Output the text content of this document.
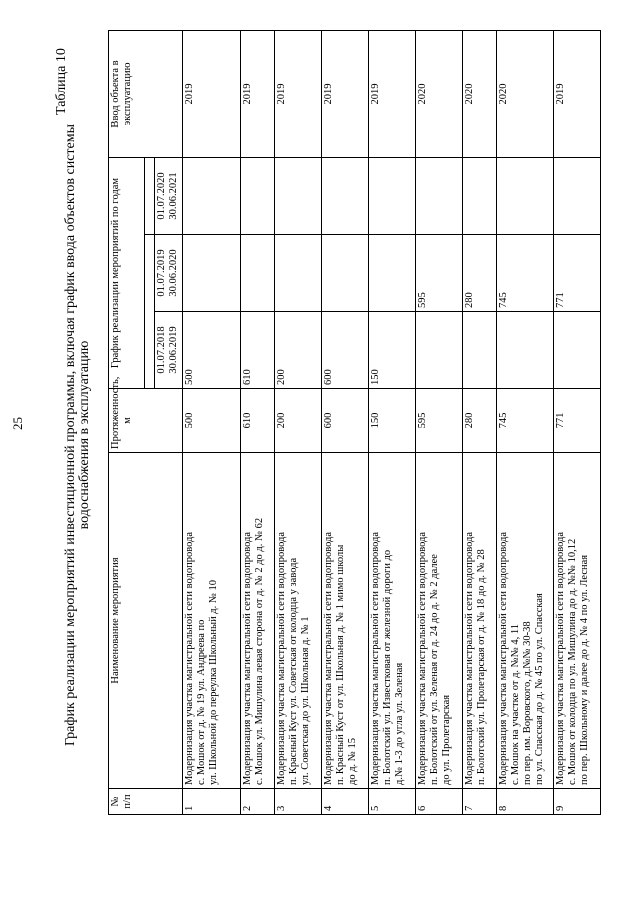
25
Таблица 10
График реализации мероприятий инвестиционной программы, включая график ввода объектов системы водоснабжения в эксплуатацию
№ п/п	Наименование мероприятия	Протяженность, м	График реализации мероприятий по годам			Ввод объекта в эксплуатацию

			01.07.2018 30.06.2019	01.07.2019 30.06.2020	01.07.2020 30.06.2021	
1	Модернизация участка магистральной сети водопровода с. Мошок от д. № 19 ул. Андреева по ул. Школьной до переулка Школьный д. № 10	500	500			2019
2	Модернизация участка магистральной сети водопровода с. Мошок ул. Мишулина левая сторона от д. № 2 до д. № 62	610	610			2019
3	Модернизация участка магистральной сети водопровода п. Красный Куст ул. Советская от колодца у завода ул. Советская до ул. Школьная д. № 1	200	200			2019
4	Модернизация участка магистральной сети водопровода п. Красный Куст от ул. Школьная д. № 1 мимо школы до д. № 15	600	600			2019
5	Модернизация участка магистральной сети водопровода п. Болотский ул. Известковая от железной дороги до д.№ 1-3 до угла ул. Зеленая	150	150			2019
6	Модернизация участка магистральной сети водопровода п. Болотский от ул. Зеленая от д. 24 до д. № 2 далее до ул. Пролетарская	595		595		2020
7	Модернизация участка магистральной сети водопровода п. Болотский ул. Пролетарская от д. № 18 до д. № 28	280		280		2020
8	Модернизация участка магистральной сети водопровода с. Мошок на участке от д. №№ 4, 11 по пер. им. Воровского, д.№№ 30-38 по ул. Спасская до д. № 45 по ул. Спасская	745		745		2020
9	Модернизация участка магистральной сети водопровода с. Мошок от колодца по ул. Мишулина до д. №№ 10,12 по пер. Школьному и далее до д. № 4 по ул. Лесная	771		771		2019
